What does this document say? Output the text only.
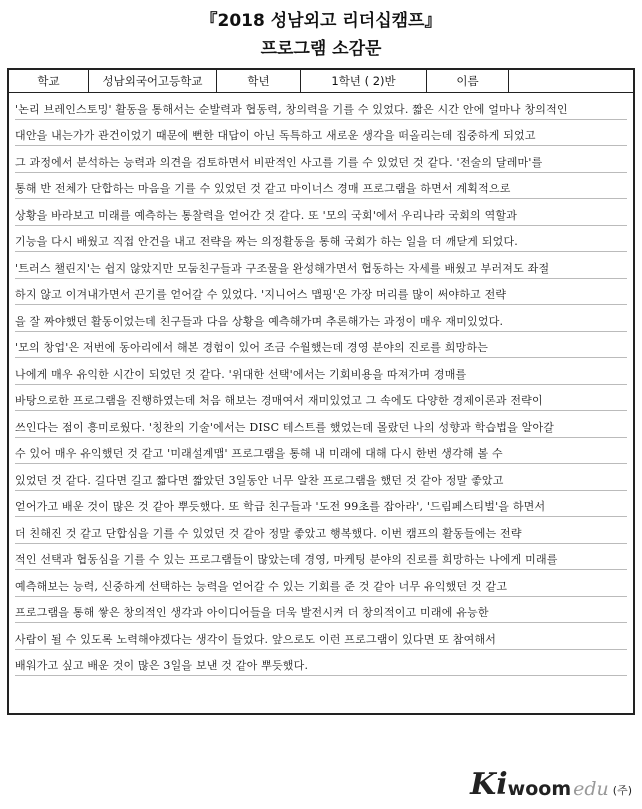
『2018 성남외고 리더십캠프』
프로그램 소감문
학교	성남외국어고등학교	학년	1학년 ( 2)반	이름
'논리 브레인스토밍' 활동을 통해서는 순발력과 협동력, 창의력을 기를 수 있었다. 짧은 시간 안에 얼마나 창의적인
대안을 내는가가 관건이었기 때문에 뻔한 대답이 아닌 독특하고 새로운 생각을 떠올리는데 집중하게 되었고
그 과정에서 분석하는 능력과 의견을 검토하면서 비판적인 사고를 기를 수 있었던 것 같다. '전술의 달레마'를
통해 반 전체가 단합하는 마음을 기를 수 있었던 것 같고 마이너스 경매 프로그램을 하면서 계획적으로
상황을 바라보고 미래를 예측하는 통찰력을 얻어간 것 같다. 또 '모의 국회'에서 우리나라 국회의 역할과
기능을 다시 배웠고 직접 안건을 내고 전략을 짜는 의정활동을 통해 국회가 하는 일을 더 깨닫게 되었다.
'트러스 챌린지'는 쉽지 않았지만 모둠친구들과 구조물을 완성해가면서 협동하는 자세를 배웠고 부러져도 좌절
하지 않고 이겨내가면서 끈기를 얻어갈 수 있었다. '지니어스 맵핑'은 가장 머리를 많이 써야하고 전략
을 잘 짜야했던 활동이었는데 친구들과 다음 상황을 예측해가며 추론해가는 과정이 매우 재미있었다.
'모의 창업'은 저번에 동아리에서 해본 경험이 있어 조금 수월했는데 경영 분야의 진로를 희망하는
나에게 매우 유익한 시간이 되었던 것 같다. '위대한 선택'에서는 기회비용을 따져가며 경매를
바탕으로한 프로그램을 진행하였는데 처음 해보는 경매여서 재미있었고 그 속에도 다양한 경제이론과 전략이
쓰인다는 점이 흥미로웠다. '칭찬의 기술'에서는 DISC 테스트를 했었는데 몰랐던 나의 성향과 학습법을 알아갈
수 있어 매우 유익했던 것 같고 '미래설계맵' 프로그램을 통해 내 미래에 대해 다시 한번 생각해 볼 수
있었던 것 같다. 길다면 길고 짧다면 짧았던 3일동안 너무 알찬 프로그램을 했던 것 같아 정말 좋았고
얻어가고 배운 것이 많은 것 같아 뿌듯했다. 또 학급 친구들과 '도전 99초를 잡아라', '드림페스티벌'을 하면서
더 친해진 것 같고 단합심을 기를 수 있었던 것 같아 정말 좋았고 행복했다. 이번 캠프의 활동들에는 전략
적인 선택과 협동심을 기를 수 있는 프로그램들이 많았는데 경영, 마케팅 분야의 진로를 희망하는 나에게 미래를
예측해보는 능력, 신중하게 선택하는 능력을 얻어갈 수 있는 기회를 준 것 같아 너무 유익했던 것 같고
프로그램을 통해 쌓은 창의적인 생각과 아이디어들을 더욱 발전시켜 더 창의적이고 미래에 유능한
사람이 될 수 있도록 노력해야겠다는 생각이 들었다. 앞으로도 이런 프로그램이 있다면 또 참여해서
배워가고 싶고 배운 것이 많은 3일을 보낸 것 같아 뿌듯했다.
Ki woom edu (주)
